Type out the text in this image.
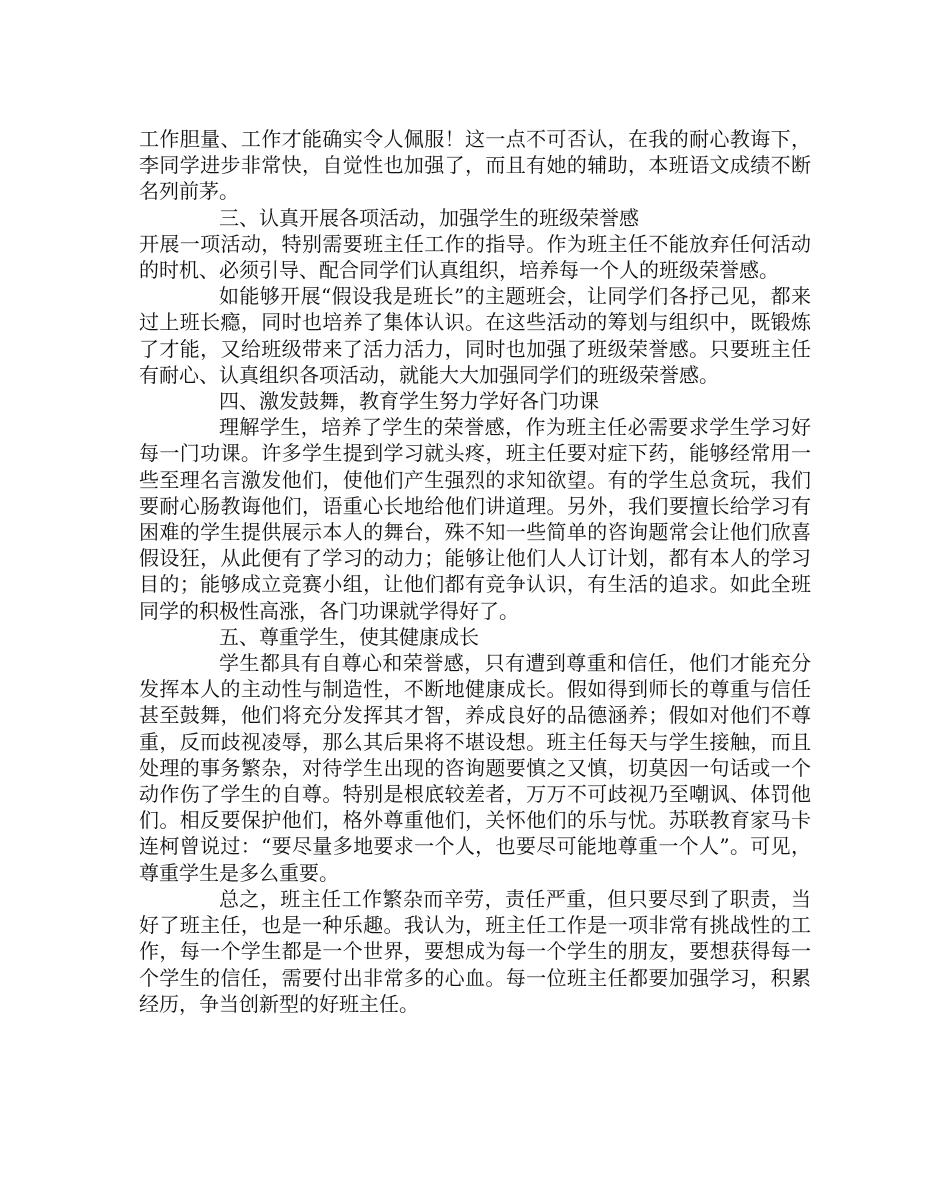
工作胆量、工作才能确实令人佩服！这一点不可否认，在我的耐心教诲下，李同学进步非常快，自觉性也加强了，而且有她的辅助，本班语文成绩不断名列前茅。

三、认真开展各项活动，加强学生的班级荣誉感

开展一项活动，特别需要班主任工作的指导。作为班主任不能放弃任何活动的时机、必须引导、配合同学们认真组织，培养每一个人的班级荣誉感。

如能够开展“假设我是班长”的主题班会，让同学们各抒己见，都来过上班长瘾，同时也培养了集体认识。在这些活动的筹划与组织中，既锻炼了才能，又给班级带来了活力活力，同时也加强了班级荣誉感。只要班主任有耐心、认真组织各项活动，就能大大加强同学们的班级荣誉感。

四、激发鼓舞，教育学生努力学好各门功课

理解学生，培养了学生的荣誉感，作为班主任必需要求学生学习好每一门功课。许多学生提到学习就头疼，班主任要对症下药，能够经常用一些至理名言激发他们，使他们产生强烈的求知欲望。有的学生总贪玩，我们要耐心肠教诲他们，语重心长地给他们讲道理。另外，我们要擅长给学习有困难的学生提供展示本人的舞台，殊不知一些简单的咨询题常会让他们欣喜假设狂，从此便有了学习的动力；能够让他们人人订计划，都有本人的学习目的；能够成立竞赛小组，让他们都有竞争认识，有生活的追求。如此全班同学的积极性高涨，各门功课就学得好了。

五、尊重学生，使其健康成长

学生都具有自尊心和荣誉感，只有遭到尊重和信任，他们才能充分发挥本人的主动性与制造性，不断地健康成长。假如得到师长的尊重与信任甚至鼓舞，他们将充分发挥其才智，养成良好的品德涵养；假如对他们不尊重，反而歧视凌辱，那么其后果将不堪设想。班主任每天与学生接触，而且处理的事务繁杂，对待学生出现的咨询题要慎之又慎，切莫因一句话或一个动作伤了学生的自尊。特别是根底较差者，万万不可歧视乃至嘲讽、体罚他们。相反要保护他们，格外尊重他们，关怀他们的乐与忧。苏联教育家马卡连柯曾说过：“要尽量多地要求一个人，也要尽可能地尊重一个人”。可见，尊重学生是多么重要。

总之，班主任工作繁杂而辛劳，责任严重，但只要尽到了职责，当好了班主任，也是一种乐趣。我认为，班主任工作是一项非常有挑战性的工作，每一个学生都是一个世界，要想成为每一个学生的朋友，要想获得每一个学生的信任，需要付出非常多的心血。每一位班主任都要加强学习，积累经历，争当创新型的好班主任。
